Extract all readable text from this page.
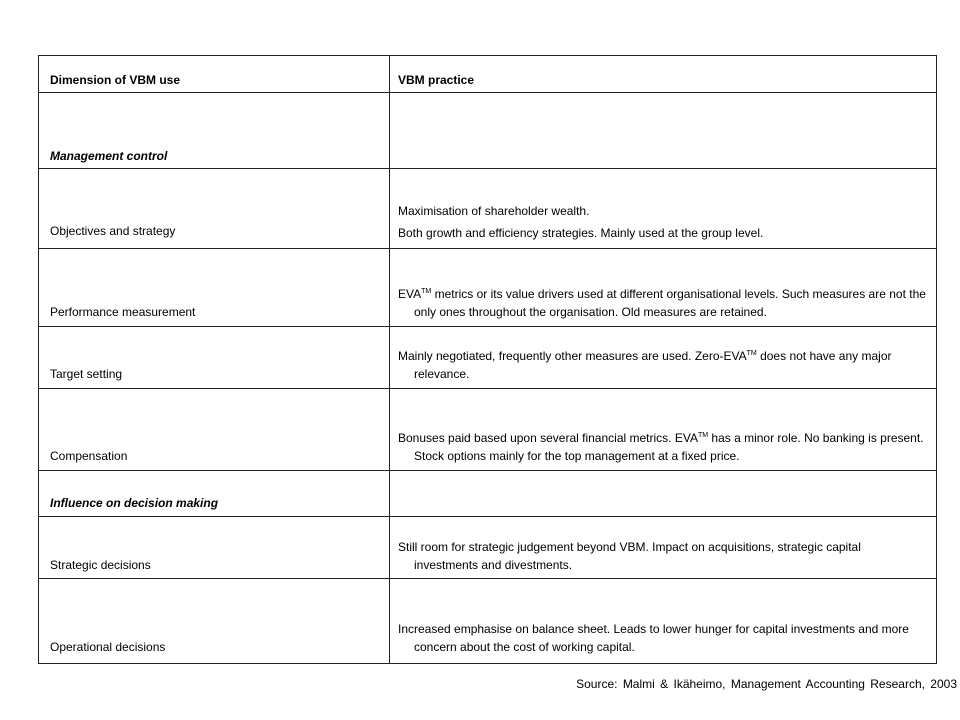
Dimension of VBM use	VBM practice
Management control
Objectives and strategy

Maximisation of shareholder wealth.

Both growth and efficiency strategies. Mainly used at the group level.

Performance measurement

EVA™ metrics or its value drivers used at different organisational levels. Such measures are not the only ones throughout the organisation. Old measures are retained.

Target setting

Mainly negotiated, frequently other measures are used. Zero-EVA™ does not have any major relevance.

Compensation

Bonuses paid based upon several financial metrics. EVA™ has a minor role. No banking is present. Stock options mainly for the top management at a fixed price.

Influence on decision making
Strategic decisions

Still room for strategic judgement beyond VBM. Impact on acquisitions, strategic capital investments and divestments.

Operational decisions

Increased emphasise on balance sheet. Leads to lower hunger for capital investments and more concern about the cost of working capital.

Source: Malmi & Ikäheimo, Management Accounting Research, 2003
